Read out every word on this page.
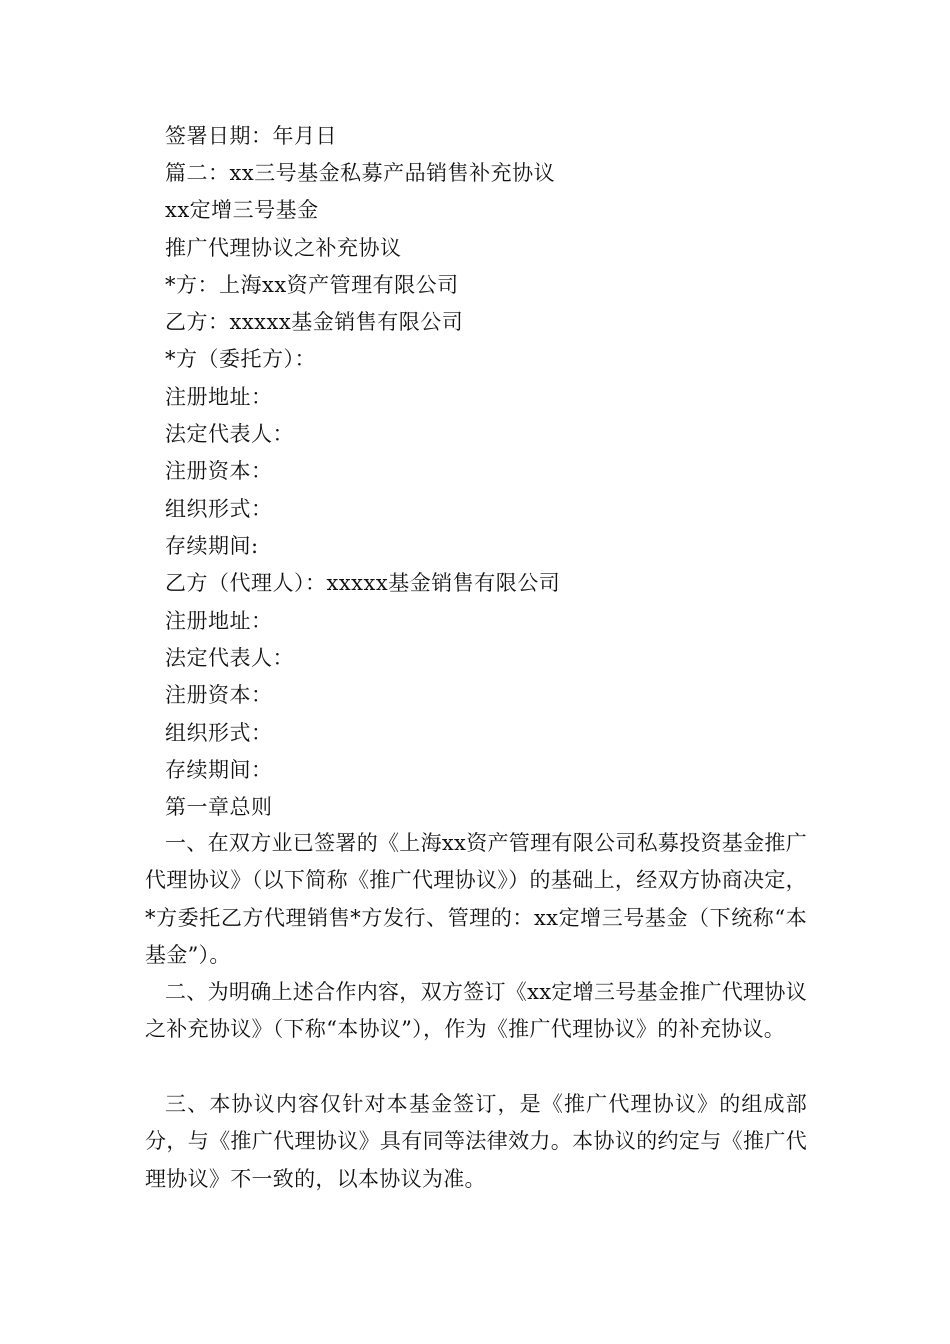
签署日期：年月日
篇二：xx三号基金私募产品销售补充协议
xx定增三号基金
推广代理协议之补充协议
*方：上海xx资产管理有限公司
乙方：xxxxx基金销售有限公司
*方（委托方）：
注册地址：
法定代表人：
注册资本：
组织形式：
存续期间:
乙方（代理人）：xxxxx基金销售有限公司
注册地址：
法定代表人：
注册资本：
组织形式：
存续期间：
第一章总则
一、在双方业已签署的《上海xx资产管理有限公司私募投资基金推广代理协议》（以下简称《推广代理协议》）的基础上，经双方协商决定，*方委托乙方代理销售*方发行、管理的：xx定增三号基金（下统称“本基金”）。
二、为明确上述合作内容，双方签订《xx定增三号基金推广代理协议之补充协议》（下称“本协议”），作为《推广代理协议》的补充协议。
三、本协议内容仅针对本基金签订，是《推广代理协议》的组成部分，与《推广代理协议》具有同等法律效力。本协议的约定与《推广代理协议》不一致的，以本协议为准。
